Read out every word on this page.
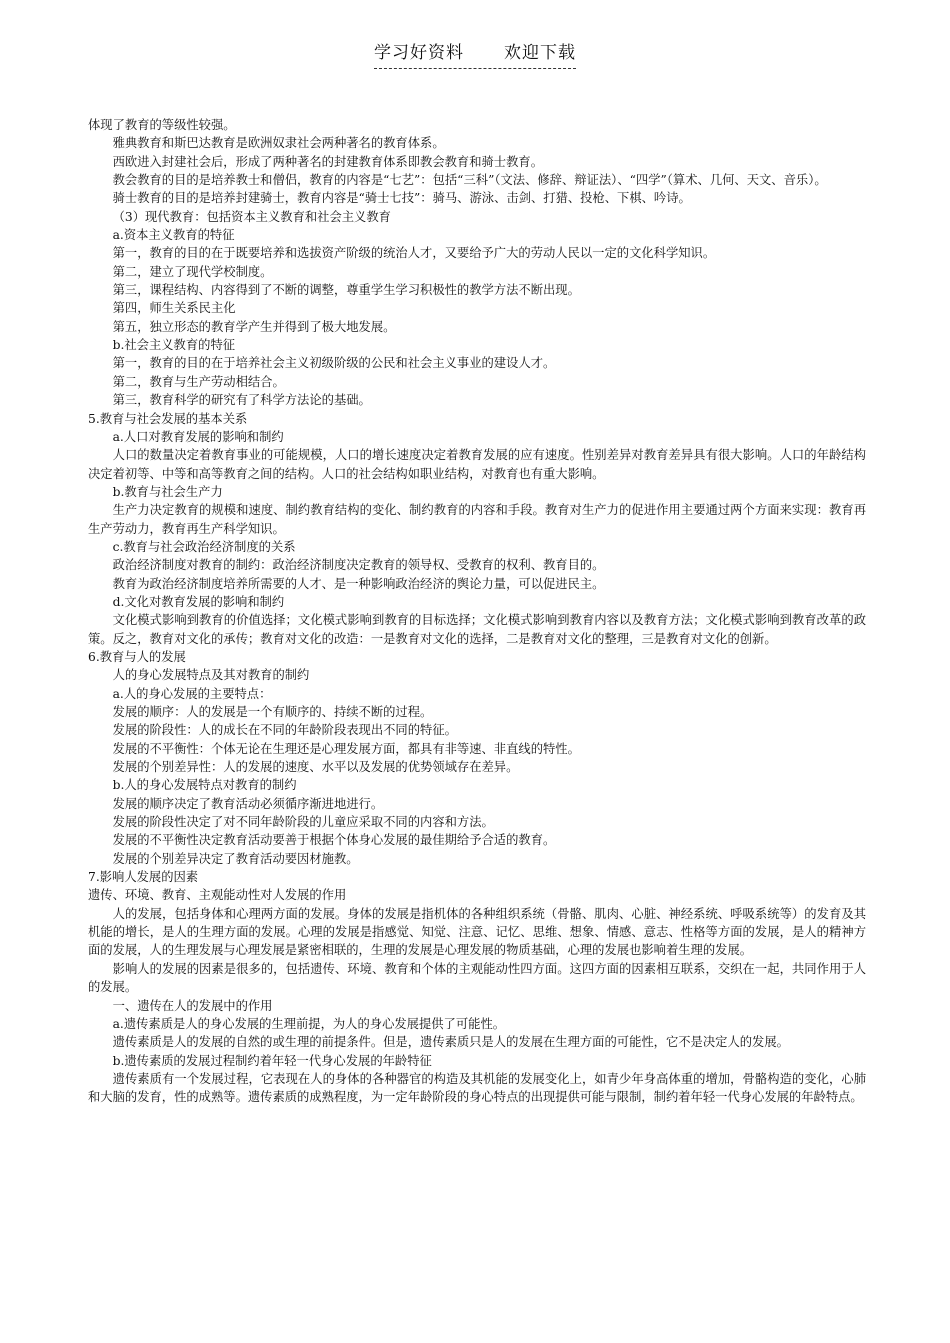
学习好资料 欢迎下载

体现了教育的等级性较强。

雅典教育和斯巴达教育是欧洲奴隶社会两种著名的教育体系。

西欧进入封建社会后，形成了两种著名的封建教育体系即教会教育和骑士教育。

教会教育的目的是培养教士和僧侣，教育的内容是“七艺”：包括“三科”（文法、修辞、辩证法）、“四学”（算术、几何、天文、音乐）。

骑士教育的目的是培养封建骑士，教育内容是“骑士七技”：骑马、游泳、击剑、打猎、投枪、下棋、吟诗。

（3）现代教育：包括资本主义教育和社会主义教育

a.资本主义教育的特征

第一，教育的目的在于既要培养和选拔资产阶级的统治人才，又要给予广大的劳动人民以一定的文化科学知识。

第二，建立了现代学校制度。

第三，课程结构、内容得到了不断的调整，尊重学生学习积极性的教学方法不断出现。

第四，师生关系民主化

第五，独立形态的教育学产生并得到了极大地发展。

b.社会主义教育的特征

第一，教育的目的在于培养社会主义初级阶级的公民和社会主义事业的建设人才。

第二，教育与生产劳动相结合。

第三，教育科学的研究有了科学方法论的基础。

5.教育与社会发展的基本关系

a.人口对教育发展的影响和制约

人口的数量决定着教育事业的可能规模，人口的增长速度决定着教育发展的应有速度。性别差异对教育差异具有很大影响。人口的年龄结构决定着初等、中等和高等教育之间的结构。人口的社会结构如职业结构，对教育也有重大影响。

b.教育与社会生产力

生产力决定教育的规模和速度、制约教育结构的变化、制约教育的内容和手段。教育对生产力的促进作用主要通过两个方面来实现：教育再生产劳动力，教育再生产科学知识。

c.教育与社会政治经济制度的关系

政治经济制度对教育的制约：政治经济制度决定教育的领导权、受教育的权利、教育目的。

教育为政治经济制度培养所需要的人才、是一种影响政治经济的舆论力量，可以促进民主。

d.文化对教育发展的影响和制约

文化模式影响到教育的价值选择；文化模式影响到教育的目标选择；文化模式影响到教育内容以及教育方法；文化模式影响到教育改革的政策。反之，教育对文化的承传；教育对文化的改造：一是教育对文化的选择，二是教育对文化的整理，三是教育对文化的创新。

6.教育与人的发展

人的身心发展特点及其对教育的制约

a.人的身心发展的主要特点：

发展的顺序：人的发展是一个有顺序的、持续不断的过程。

发展的阶段性：人的成长在不同的年龄阶段表现出不同的特征。

发展的不平衡性：个体无论在生理还是心理发展方面，都具有非等速、非直线的特性。

发展的个别差异性：人的发展的速度、水平以及发展的优势领域存在差异。

b.人的身心发展特点对教育的制约

发展的顺序决定了教育活动必须循序渐进地进行。

发展的阶段性决定了对不同年龄阶段的儿童应采取不同的内容和方法。

发展的不平衡性决定教育活动要善于根据个体身心发展的最佳期给予合适的教育。

发展的个别差异决定了教育活动要因材施教。

7.影响人发展的因素

遗传、环境、教育、主观能动性对人发展的作用

人的发展，包括身体和心理两方面的发展。身体的发展是指机体的各种组织系统（骨骼、肌肉、心脏、神经系统、呼吸系统等）的发育及其机能的增长，是人的生理方面的发展。心理的发展是指感觉、知觉、注意、记忆、思维、想象、情感、意志、性格等方面的发展，是人的精神方面的发展，人的生理发展与心理发展是紧密相联的，生理的发展是心理发展的物质基础，心理的发展也影响着生理的发展。

影响人的发展的因素是很多的，包括遗传、环境、教育和个体的主观能动性四方面。这四方面的因素相互联系，交织在一起，共同作用于人的发展。

一、遗传在人的发展中的作用

a.遗传素质是人的身心发展的生理前提，为人的身心发展提供了可能性。

遗传素质是人的发展的自然的或生理的前提条件。但是，遗传素质只是人的发展在生理方面的可能性，它不是决定人的发展。

b.遗传素质的发展过程制约着年轻一代身心发展的年龄特征

遗传素质有一个发展过程，它表现在人的身体的各种器官的构造及其机能的发展变化上，如青少年身高体重的增加，骨骼构造的变化，心肺和大脑的发育，性的成熟等。遗传素质的成熟程度，为一定年龄阶段的身心特点的出现提供可能与限制，制约着年轻一代身心发展的年龄特点。
